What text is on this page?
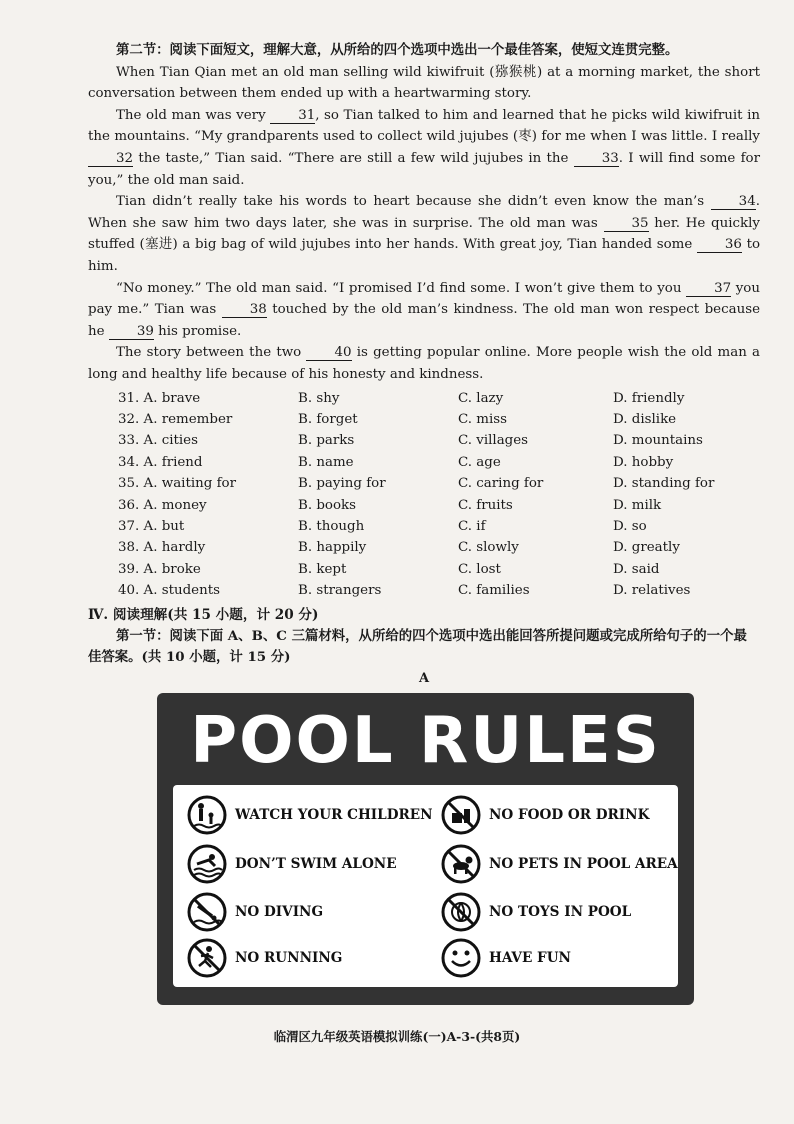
第二节：阅读下面短文，理解大意，从所给的四个选项中选出一个最佳答案，使短文连贯完整。

When Tian Qian met an old man selling wild kiwifruit (猕猴桃) at a morning market, the short conversation between them ended up with a heartwarming story.

The old man was very 31, so Tian talked to him and learned that he picks wild kiwifruit in the mountains. “My grandparents used to collect wild jujubes (枣) for me when I was little. I really 32 the taste,” Tian said. “There are still a few wild jujubes in the 33. I will find some for you,” the old man said.

Tian didn’t really take his words to heart because she didn’t even know the man’s	34. When she saw him two days later, she was in surprise. The old man was	35 her. He quickly stuffed (塞进) a big bag of wild jujubes into her hands. With great joy, Tian handed some 36 to him.

“No money.” The old man said. “I promised I’d find some. I won’t give them to you 37 you pay me.” Tian was 38 touched by the old man’s kindness. The old man won respect because he 39 his promise.

The story between the two 40 is getting popular online. More people wish the old man a long and healthy life because of his honesty and kindness.

31. A. brave	B. shy	C. lazy	D. friendly
32. A. remember	B. forget	C. miss	D. dislike
33. A. cities	B. parks	C. villages	D. mountains
34. A. friend	B. name	C. age	D. hobby
35. A. waiting for	B. paying for	C. caring for	D. standing for
36. A. money	B. books	C. fruits	D. milk
37. A. but	B. though	C. if	D. so
38. A. hardly	B. happily	C. slowly	D. greatly
39. A. broke	B. kept	C. lost	D. said
40. A. students	B. strangers	C. families	D. relatives
Ⅳ. 阅读理解(共 15 小题，计 20 分)

第一节：阅读下面 A、B、C 三篇材料，从所给的四个选项中选出能回答所提问题或完成所给句子的一个最佳答案。(共 10 小题，计 15 分)

A
POOL RULES
WATCH YOUR CHILDREN	NO FOOD OR DRINK
DON’T SWIM ALONE	NO PETS IN POOL AREA
NO DIVING	NO TOYS IN POOL
NO RUNNING	HAVE FUN
临渭区九年级英语模拟训练(一)A-3-(共8页)
